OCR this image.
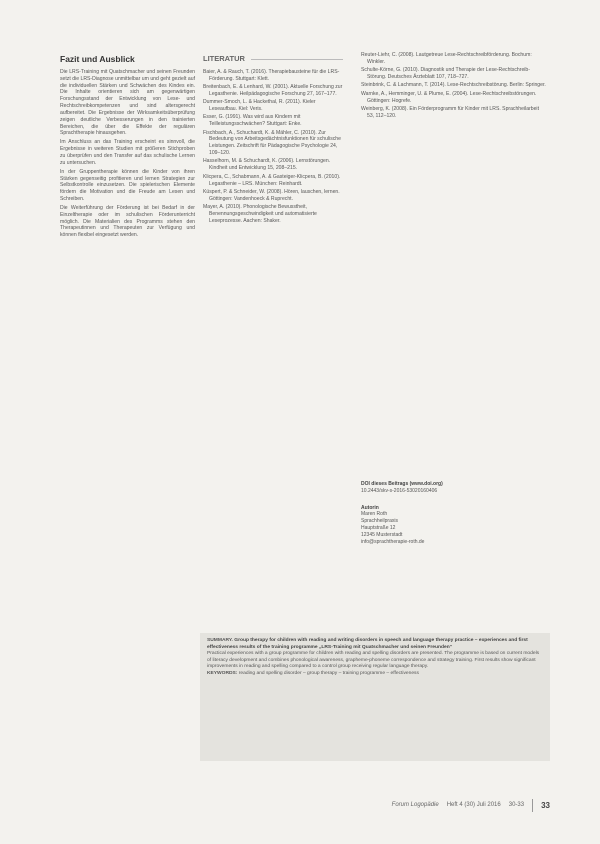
Fazit und Ausblick

Die LRS-Training mit Quatschmacher und seinen Freunden setzt die LRS-Diagnose unmittelbar um und geht gezielt auf die individuellen Stärken und Schwächen des Kindes ein. Die Inhalte orientieren sich am gegenwärtigen Forschungsstand der Entwicklung von Lese- und Rechtschreibkompetenzen und sind altersgerecht aufbereitet. Die Ergebnisse der Wirksamkeitsüberprüfung zeigen deutliche Verbesserungen in den trainierten Bereichen, die über die Effekte der regulären Sprachtherapie hinausgehen.

Im Anschluss an das Training erscheint es sinnvoll, die Ergebnisse in weiteren Studien mit größeren Stichproben zu überprüfen und den Transfer auf das schulische Lernen zu untersuchen.

In der Gruppentherapie können die Kinder von ihren Stärken gegenseitig profitieren und lernen Strategien zur Selbstkontrolle einzusetzen. Die spielerischen Elemente fördern die Motivation und die Freude am Lesen und Schreiben.

Die Weiterführung der Förderung ist bei Bedarf in der Einzeltherapie oder im schulischen Förderunterricht möglich. Die Materialien des Programms stehen den Therapeutinnen und Therapeuten zur Verfügung und können flexibel eingesetzt werden.

LITERATUR
Baier, A. & Rauch, T. (2016). Therapiebausteine für die LRS-Förderung. Stuttgart: Klett.
Breitenbach, E. & Lenhard, W. (2001). Aktuelle Forschung zur Legasthenie. Heilpädagogische Forschung 27, 167–177.
Dummer-Smoch, L. & Hackethal, R. (2011). Kieler Leseaufbau. Kiel: Veris.
Esser, G. (1991). Was wird aus Kindern mit Teilleistungsschwächen? Stuttgart: Enke.
Fischbach, A., Schuchardt, K. & Mähler, C. (2010). Zur Bedeutung von Arbeitsgedächtnisfunktionen für schulische Leistungen. Zeitschrift für Pädagogische Psychologie 24, 109–120.
Hasselhorn, M. & Schuchardt, K. (2006). Lernstörungen. Kindheit und Entwicklung 15, 208–215.
Klicpera, C., Schabmann, A. & Gasteiger-Klicpera, B. (2010). Legasthenie – LRS. München: Reinhardt.
Küspert, P. & Schneider, W. (2008). Hören, lauschen, lernen. Göttingen: Vandenhoeck & Ruprecht.
Mayer, A. (2010). Phonologische Bewusstheit, Benennungsgeschwindigkeit und automatisierte Leseprozesse. Aachen: Shaker.
Reuter-Liehr, C. (2008). Lautgetreue Lese-Rechtschreibförderung. Bochum: Winkler.
Schulte-Körne, G. (2010). Diagnostik und Therapie der Lese-Rechtschreib-Störung. Deutsches Ärzteblatt 107, 718–727.
Steinbrink, C. & Lachmann, T. (2014). Lese-Rechtschreibstörung. Berlin: Springer.
Warnke, A., Hemminger, U. & Plume, E. (2004). Lese-Rechtschreibstörungen. Göttingen: Hogrefe.
Weinberg, K. (2008). Ein Förderprogramm für Kinder mit LRS. Sprachheilarbeit 53, 112–120.
DOI dieses Beitrags (www.doi.org)
10.2443/skv-s-2016-53020160406
Autorin
Maren Roth
Sprachheilpraxis
Hauptstraße 12
12345 Musterstadt
info@sprachtherapie-roth.de
SUMMARY. Group therapy for children with reading and writing disorders in speech and language therapy practice – experiences and first effectiveness results of the training programme „LRS-Training mit Quatschmacher und seinen Freunden“
Practical experiences with a group programme for children with reading and spelling disorders are presented. The programme is based on current models of literacy development and combines phonological awareness, grapheme-phoneme correspondence and strategy training. First results show significant improvements in reading and spelling compared to a control group receiving regular language therapy.
KEYWORDS: reading and spelling disorder – group therapy – training programme – effectiveness
Forum Logopädie Heft 4 (30) Juli 2016 30-33 33
